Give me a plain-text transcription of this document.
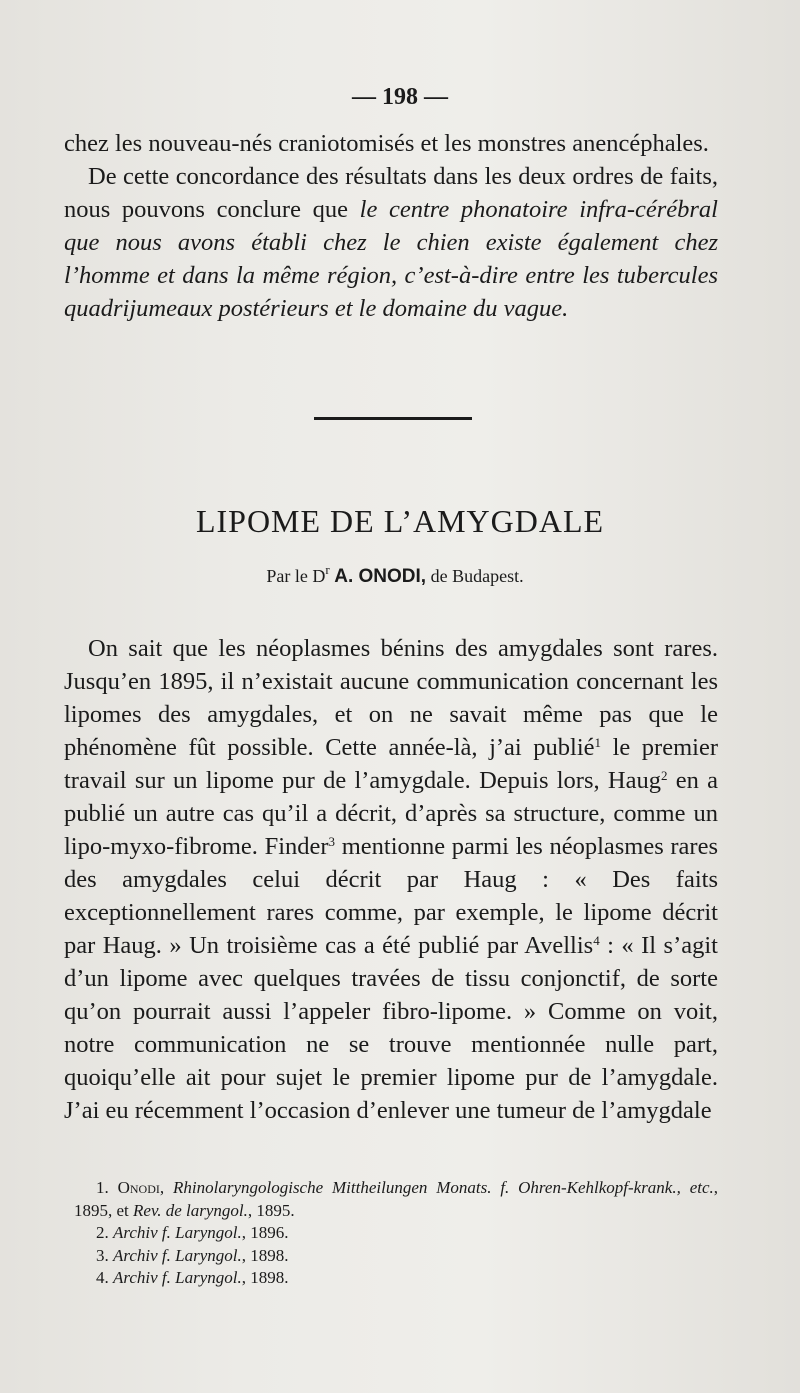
— 198 —

chez les nouveau-nés craniotomisés et les monstres anencéphales.

De cette concordance des résultats dans les deux ordres de faits, nous pouvons conclure que le centre phonatoire infra-cérébral que nous avons établi chez le chien existe également chez l’homme et dans la même région, c’est-à-dire entre les tubercules quadrijumeaux postérieurs et le domaine du vague.

LIPOME DE L’AMYGDALE
Par le $D^r$ A. ONODI, de Budapest.

On sait que les néoplasmes bénins des amygdales sont rares. Jusqu’en 1895, il n’existait aucune communication concernant les lipomes des amygdales, et on ne savait même pas que le phénomène fût possible. Cette année-là, j’ai publié$^1$ le premier travail sur un lipome pur de l’amygdale. Depuis lors, Haug$^2$ en a publié un autre cas qu’il a décrit, d’après sa structure, comme un lipo-myxo-fibrome. Finder$^3$ mentionne parmi les néoplasmes rares des amygdales celui décrit par Haug : « Des faits exceptionnellement rares comme, par exemple, le lipome décrit par Haug. » Un troisième cas a été publié par Avellis$^4$ : « Il s’agit d’un lipome avec quelques travées de tissu conjonctif, de sorte qu’on pourrait aussi l’appeler fibro-lipome. » Comme on voit, notre communication ne se trouve mentionnée nulle part, quoiqu’elle ait pour sujet le premier lipome pur de l’amygdale. J’ai eu récemment l’occasion d’enlever une tumeur de l’amygdale

1. Onodi, Rhinolaryngologische Mittheilungen Monats. f. Ohren-Kehlkopf-krank., etc., 1895, et Rev. de laryngol., 1895.

2. Archiv f. Laryngol., 1896.

3. Archiv f. Laryngol., 1898.

4. Archiv f. Laryngol., 1898.
